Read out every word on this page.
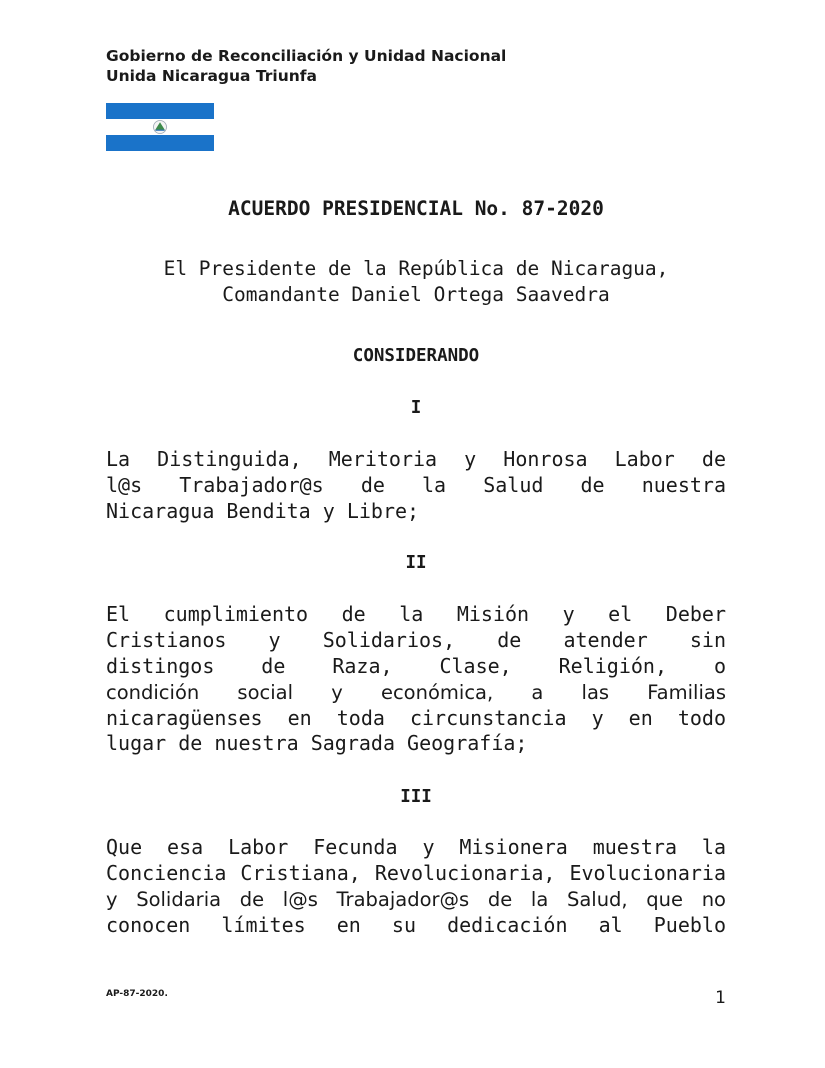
Gobierno de Reconciliación y Unidad Nacional
Unida Nicaragua Triunfa
ACUERDO PRESIDENCIAL No. 87-2020
El Presidente de la República de Nicaragua,
Comandante Daniel Ortega Saavedra
CONSIDERANDO
I
La Distinguida, Meritoria y Honrosa Labor de
l@s Trabajador@s de la Salud de nuestra
Nicaragua Bendita y Libre;
II
El cumplimiento de la Misión y el Deber
Cristianos y Solidarios, de atender sin
distingos de Raza, Clase, Religión, o
condición social y económica, a las Familias
nicaragüenses en toda circunstancia y en todo
lugar de nuestra Sagrada Geografía;
III
Que esa Labor Fecunda y Misionera muestra la
Conciencia Cristiana, Revolucionaria, Evolucionaria
y Solidaria de l@s Trabajador@s de la Salud, que no
conocen límites en su dedicación al Pueblo
AP-87-2020.	1
